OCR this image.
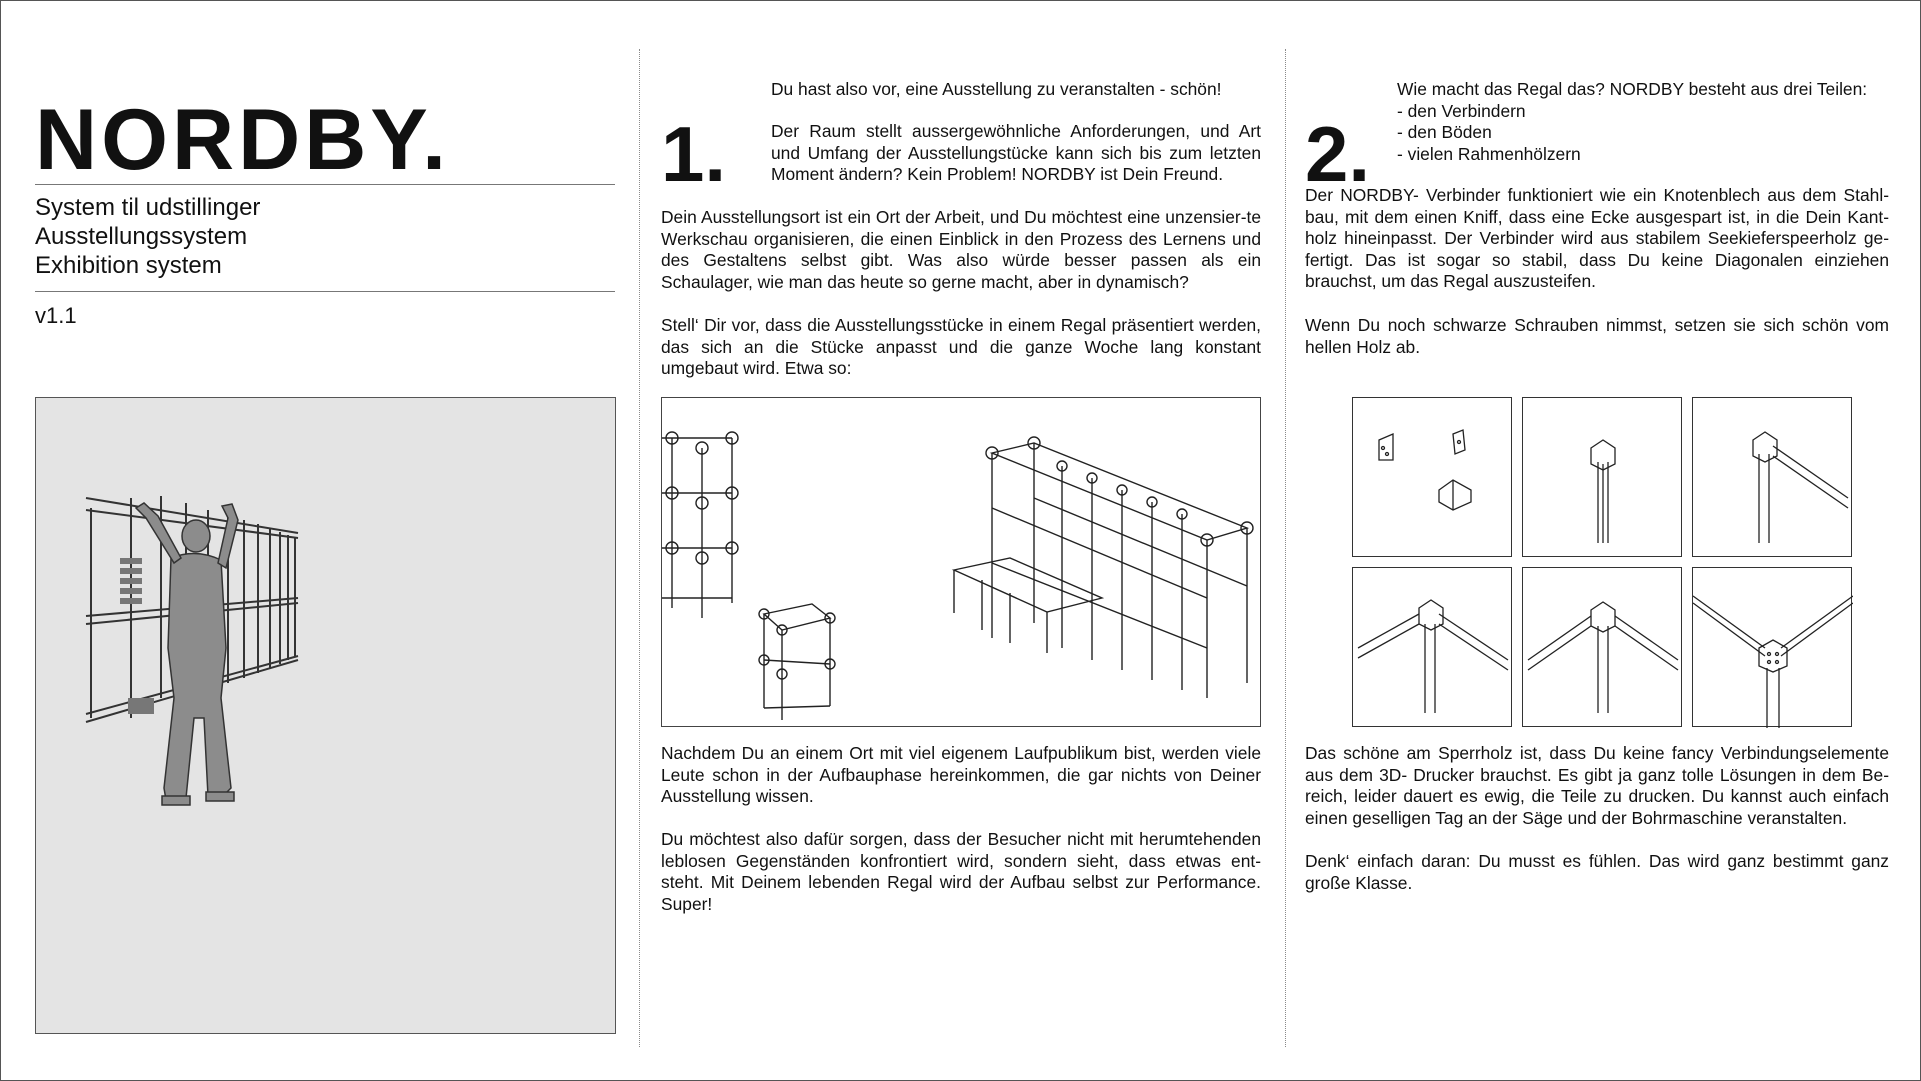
NORDBY.
System til udstillinger
Ausstellungssystem
Exhibition system
v1.1
1.
Du hast also vor, eine Ausstellung zu veranstalten - schön!
Der Raum stellt aussergewöhnliche Anforderungen, und Art und Umfang der Ausstellungstücke kann sich bis zum letzten Moment ändern? Kein Problem! NORDBY ist Dein Freund.
Dein Ausstellungsort ist ein Ort der Arbeit, und Du möchtest eine unzensier-te Werkschau organisieren, die einen Einblick in den Prozess des Lernens und des Gestaltens selbst gibt. Was also würde besser passen als ein Schaulager, wie man das heute so gerne macht, aber in dynamisch?
Stell‘ Dir vor, dass die Ausstellungsstücke in einem Regal präsentiert werden, das sich an die Stücke anpasst und die ganze Woche lang konstant umgebaut wird. Etwa so:
Nachdem Du an einem Ort mit viel eigenem Laufpublikum bist, werden viele Leute schon in der Aufbauphase hereinkommen, die gar nichts von Deiner Ausstellung wissen.
Du möchtest also dafür sorgen, dass der Besucher nicht mit herumtehenden leblosen Gegenständen konfrontiert wird, sondern sieht, dass etwas ent-steht. Mit Deinem lebenden Regal wird der Aufbau selbst zur Performance. Super!
2.
Wie macht das Regal das? NORDBY besteht aus drei Teilen:
- den Verbindern
- den Böden
- vielen Rahmenhölzern
Der NORDBY- Verbinder funktioniert wie ein Knotenblech aus dem Stahl-bau, mit dem einen Kniff, dass eine Ecke ausgespart ist, in die Dein Kant-holz hineinpasst. Der Verbinder wird aus stabilem Seekieferspeerholz ge-fertigt. Das ist sogar so stabil, dass Du keine Diagonalen einziehen brauchst, um das Regal auszusteifen.
Wenn Du noch schwarze Schrauben nimmst, setzen sie sich schön vom hellen Holz ab.
Das schöne am Sperrholz ist, dass Du keine fancy Verbindungselemente aus dem 3D- Drucker brauchst. Es gibt ja ganz tolle Lösungen in dem Be-reich, leider dauert es ewig, die Teile zu drucken. Du kannst auch einfach einen geselligen Tag an der Säge und der Bohrmaschine veranstalten.
Denk‘ einfach daran: Du musst es fühlen. Das wird ganz bestimmt ganz große Klasse.
